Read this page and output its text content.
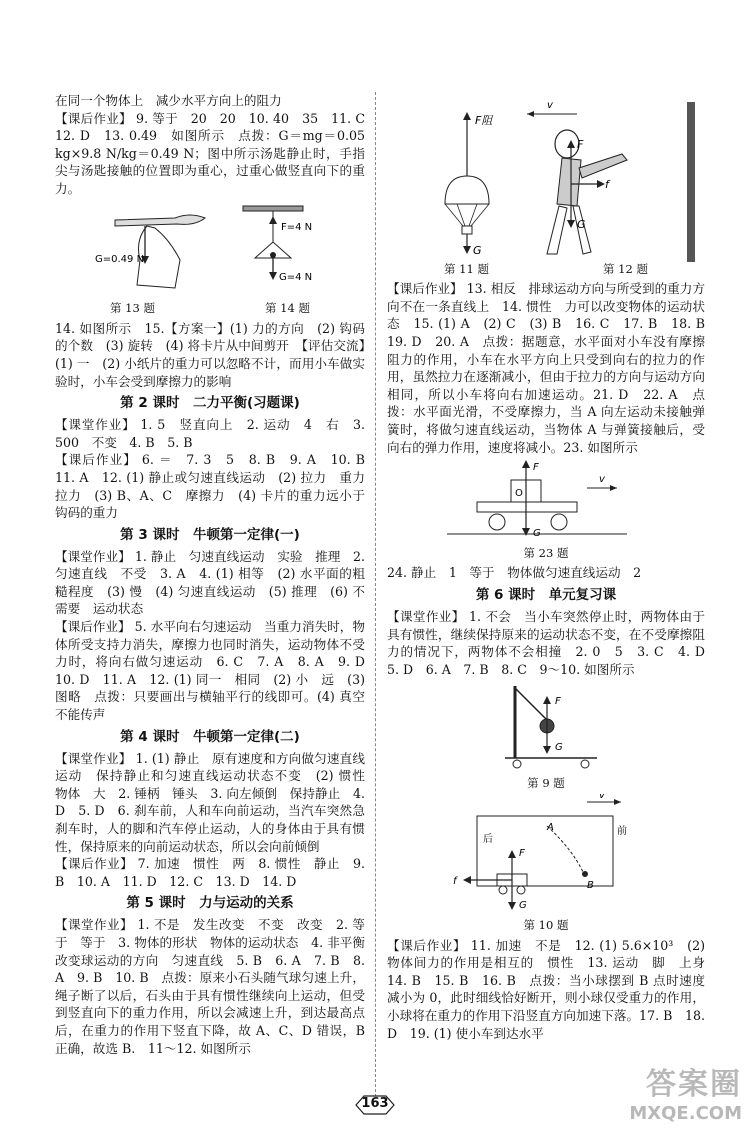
在同一个物体上　减少水平方向上的阻力

【课后作业】 9. 等于　20　20　10. 40　35　11. C　12. D　13. 0.49　如图所示　点拨：G＝mg＝0.05 kg×9.8 N/kg＝0.49 N；图中所示汤匙静止时，手指尖与汤匙接触的位置即为重心，过重心做竖直向下的重力。

G=0.49 N
F=4 N
G=4 N
第 13 题	第 14 题

14. 如图所示　15.【方案一】(1) 力的方向　(2) 钩码的个数　(3) 旋转　(4) 将卡片从中间剪开　【评估交流】(1) 一　(2) 小纸片的重力可以忽略不计，而用小车做实验时，小车会受到摩擦力的影响

第 2 课时　二力平衡(习题课)

【课堂作业】 1. 5　竖直向上　2. 运动　4　右　3. 500　不变　4. B　5. B

【课后作业】 6. ＝　7. 3　5　8. B　9. A　10. B　11. A　12. (1) 静止或匀速直线运动　(2) 拉力　重力　拉力　(3) B、A、C　摩擦力　(4) 卡片的重力远小于钩码的重力

第 3 课时　牛顿第一定律(一)

【课堂作业】 1. 静止　匀速直线运动　实验　推理　2. 匀速直线　不受　3. A　4. (1) 相等　(2) 水平面的粗糙程度　(3) 慢　(4) 匀速直线运动　(5) 推理　(6) 不需要　运动状态

【课后作业】 5. 水平向右匀速运动　当重力消失时，物体所受支持力消失，摩擦力也同时消失，运动物体不受力时，将向右做匀速运动　6. C　7. A　8. A　9. D　10. D　11. A　12. (1) 同一　相同　(2) 小　远　(3) 图略　点拨：只要画出与横轴平行的线即可。(4) 真空不能传声

第 4 课时　牛顿第一定律(二)

【课堂作业】 1. (1) 静止　原有速度和方向做匀速直线运动　保持静止和匀速直线运动状态不变　(2) 惯性　物体　大　2. 锤柄　锤头　3. 向左倾倒　保持静止　4. D　5. D　6. 刹车前，人和车向前运动，当汽车突然急刹车时，人的脚和汽车停止运动，人的身体由于具有惯性，保持原来的向前运动状态，所以会向前倾倒

【课后作业】 7. 加速　惯性　两　8. 惯性　静止　9. B　10. A　11. D　12. C　13. D　14. D

第 5 课时　力与运动的关系

【课堂作业】 1. 不是　发生改变　不变　改变　2. 等于　等于　3. 物体的形状　物体的运动状态　4. 非平衡　改变球运动的方向　匀速直线　5. B　6. A　7. B　8. A　9. B　10. B　点拨：原来小石头随气球匀速上升，绳子断了以后，石头由于具有惯性继续向上运动，但受到竖直向下的重力作用，所以会减速上升，到达最高点后，在重力的作用下竖直下降，故 A、C、D 错误，B 正确，故选 B.　11～12. 如图所示

F阻
G
v
F
f
G
第 11 题	第 12 题

【课后作业】 13. 相反　排球运动方向与所受到的重力方向不在一条直线上　14. 惯性　力可以改变物体的运动状态　15. (1) A　(2) C　(3) B　16. C　17. B　18. B　19. D　20. A　点拨：据题意，水平面对小车没有摩擦阻力的作用，小车在水平方向上只受到向右的拉力的作用，虽然拉力在逐渐减小，但由于拉力的方向与运动方向相同，所以小车将向右加速运动。21. D　22. A　点拨：水平面光滑，不受摩擦力，当 A 向左运动未接触弹簧时，将做匀速直线运动，当物体 A 与弹簧接触后，受向右的弹力作用，速度将减小。23. 如图所示

F
O
G
v
第 23 题

24. 静止　1　等于　物体做匀速直线运动　2

第 6 课时　单元复习课

【课堂作业】 1. 不会　当小车突然停止时，两物体由于具有惯性，继续保持原来的运动状态不变，在不受摩擦阻力的情况下，两物体不会相撞　2. 0　5　3. C　4. D　5. D　6. A　7. B　8. C　9～10. 如图所示

F
G
第 9 题
v
A
B
后
前
F
f
G
第 10 题

【课后作业】 11. 加速　不是　12. (1) 5.6×10³　(2) 物体间力的作用是相互的　惯性　13. 运动　脚　上身　14. B　15. B　16. B　点拨：当小球摆到 B 点时速度减小为 0，此时细线恰好断开，则小球仅受重力的作用，小球将在重力的作用下沿竖直方向加速下落。17. B　18. D　19. (1) 使小车到达水平

163
答案圈
MXQE.COM
